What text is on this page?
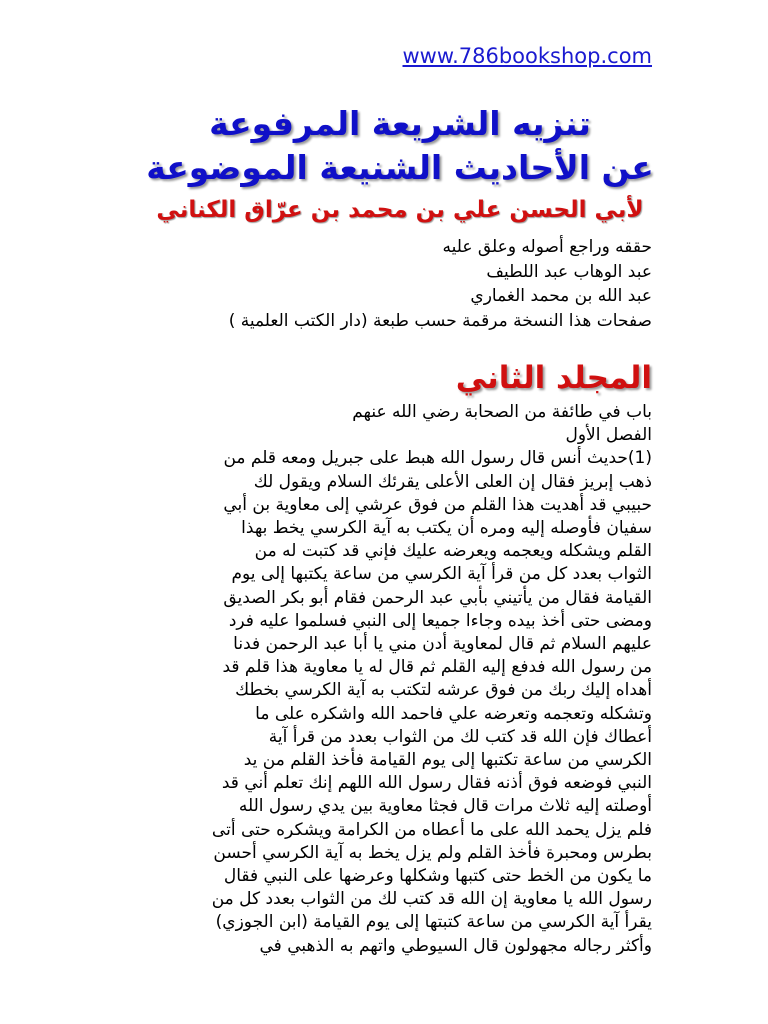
www.786bookshop.com
تنزيه الشريعة المرفوعة
عن الأحاديث الشنيعة الموضوعة
لأبي الحسن علي بن محمد بن عرّاق الكناني
حققه وراجع أصوله وعلق عليه
عبد الوهاب عبد اللطيف
عبد الله بن محمد الغماري
صفحات هذا النسخة مرقمة حسب طبعة (دار الكتب العلمية )
المجلد الثاني
باب في طائفة من الصحابة رضي الله عنهم
الفصل الأول
(1)حديث أنس قال رسول الله هبط على جبريل ومعه قلم من
ذهب إبريز فقال إن العلى الأعلى يقرئك السلام ويقول لك
حبيبي قد أهديت هذا القلم من فوق عرشي إلى معاوية بن أبي
سفيان فأوصله إليه ومره أن يكتب به آية الكرسي يخط بهذا
القلم ويشكله ويعجمه ويعرضه عليك فإني قد كتبت له من
الثواب بعدد كل من قرأ آية الكرسي من ساعة يكتبها إلى يوم
القيامة فقال من يأتيني بأبي عبد الرحمن فقام أبو بكر الصديق
ومضى حتى أخذ بيده وجاءا جميعا إلى النبي فسلموا عليه فرد
عليهم السلام ثم قال لمعاوية أدن مني يا أبا عبد الرحمن فدنا
من رسول الله فدفع إليه القلم ثم قال له يا معاوية هذا قلم قد
أهداه إليك ربك من فوق عرشه لتكتب به آية الكرسي بخطك
وتشكله وتعجمه وتعرضه علي فاحمد الله واشكره على ما
أعطاك فإن الله قد كتب لك من الثواب بعدد من قرأ آية
الكرسي من ساعة تكتبها إلى يوم القيامة فأخذ القلم من يد
النبي فوضعه فوق أذنه فقال رسول الله اللهم إنك تعلم أني قد
أوصلته إليه ثلاث مرات قال فجثا معاوية بين يدي رسول الله
فلم يزل يحمد الله على ما أعطاه من الكرامة ويشكره حتى أتى
بطرس ومحبرة فأخذ القلم ولم يزل يخط به آية الكرسي أحسن
ما يكون من الخط حتى كتبها وشكلها وعرضها على النبي فقال
رسول الله يا معاوية إن الله قد كتب لك من الثواب بعدد كل من
يقرأ آية الكرسي من ساعة كتبتها إلى يوم القيامة (ابن الجوزي)
وأكثر رجاله مجهولون قال السيوطي واتهم به الذهبي في
